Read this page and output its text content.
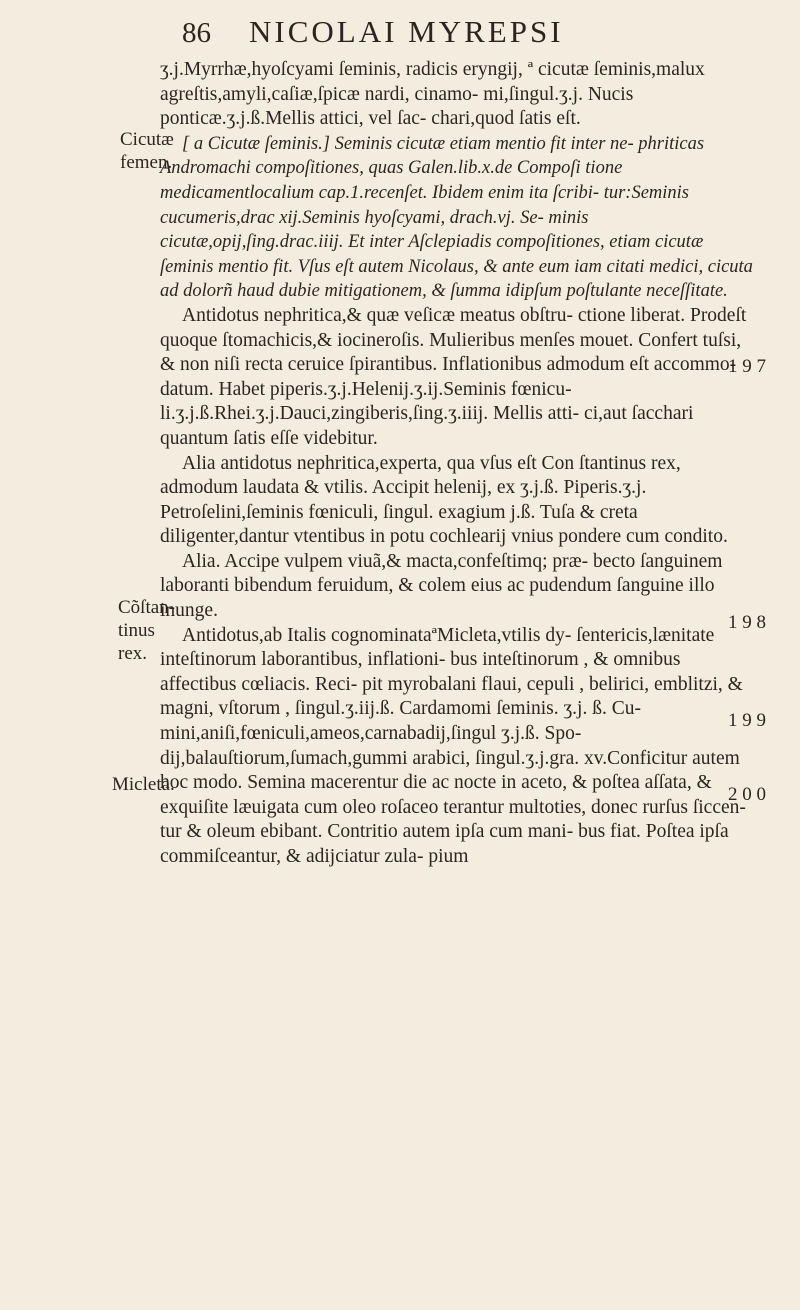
86 NICOLAI MYREPSI
Cicutæ
femen.
Cõſtan-
tinus
rex.
Micleta.
1 9 7
1 9 8
1 9 9
2 0 0

ʒ.j.Myrrhæ,hyoſcyami ſeminis, radicis eryngij, ª cicutæ ſeminis,malux agreſtis,amyli,caſiæ,ſpicæ nardi, cinamo- mi,ſingul.ʒ.j. Nucis ponticæ.ʒ.j.ß.Mellis attici, vel ſac- chari,quod ſatis eſt.

[ a Cicutæ ſeminis.] Seminis cicutæ etiam mentio fit inter ne- phriticas Andromachi compoſitiones, quas Galen.lib.x.de Compoſi tione medicamentlocalium cap.1.recenſet. Ibidem enim ita ſcribi- tur:Seminis cucumeris,drac xij.Seminis hyoſcyami, drach.vj. Se- minis cicutæ,opij,ſing.drac.iiij. Et inter Aſclepiadis compoſitiones, etiam cicutæ ſeminis mentio fit. Vſus eſt autem Nicolaus, & ante eum iam citati medici, cicuta ad dolorñ haud dubie mitigationem, & ſumma idipſum poſtulante neceſſitate.

Antidotus nephritica,& quæ veſicæ meatus obſtru- ctione liberat. Prodeſt quoque ſtomachicis,& iocineroſis. Mulieribus menſes mouet. Confert tuſsi, & non niſi recta ceruice ſpirantibus. Inflationibus admodum eſt accommo- datum. Habet piperis.ʒ.j.Helenij.ʒ.ij.Seminis fœnicu- li.ʒ.j.ß.Rhei.ʒ.j.Dauci,zingiberis,ſing.ʒ.iiij. Mellis atti- ci,aut ſacchari quantum ſatis eſſe videbitur.

Alia antidotus nephritica,experta, qua vſus eſt Con ſtantinus rex, admodum laudata & vtilis. Accipit helenij, ex ʒ.j.ß. Piperis.ʒ.j. Petroſelini,ſeminis fœniculi, ſingul. exagium j.ß. Tuſa & creta diligenter,dantur vtentibus in potu cochlearij vnius pondere cum condito.

Alia. Accipe vulpem viuã,& macta,confeſtimq; præ- becto ſanguinem laboranti bibendum feruidum, & colem eius ac pudendum ſanguine illo inunge.

Antidotus,ab Italis cognominataªMicleta,vtilis dy- ſentericis,lænitate inteſtinorum laborantibus, inflationi- bus inteſtinorum , & omnibus affectibus cœliacis. Reci- pit myrobalani flaui, cepuli , belirici, emblitzi, & magni, vſtorum , ſingul.ʒ.iij.ß. Cardamomi ſeminis. ʒ.j. ß. Cu- mini,aniſi,fœniculi,ameos,carnabadij,ſingul ʒ.j.ß. Spo- dij,balauſtiorum,ſumach,gummi arabici, ſingul.ʒ.j.gra. xv.Conficitur autem hoc modo. Semina macerentur die ac nocte in aceto, & poſtea aſſata, & exquiſite læuigata cum oleo roſaceo terantur multoties, donec rurſus ſiccen- tur & oleum ebibant. Contritio autem ipſa cum mani- bus fiat. Poſtea ipſa commiſceantur, & adijciatur zula- pium
